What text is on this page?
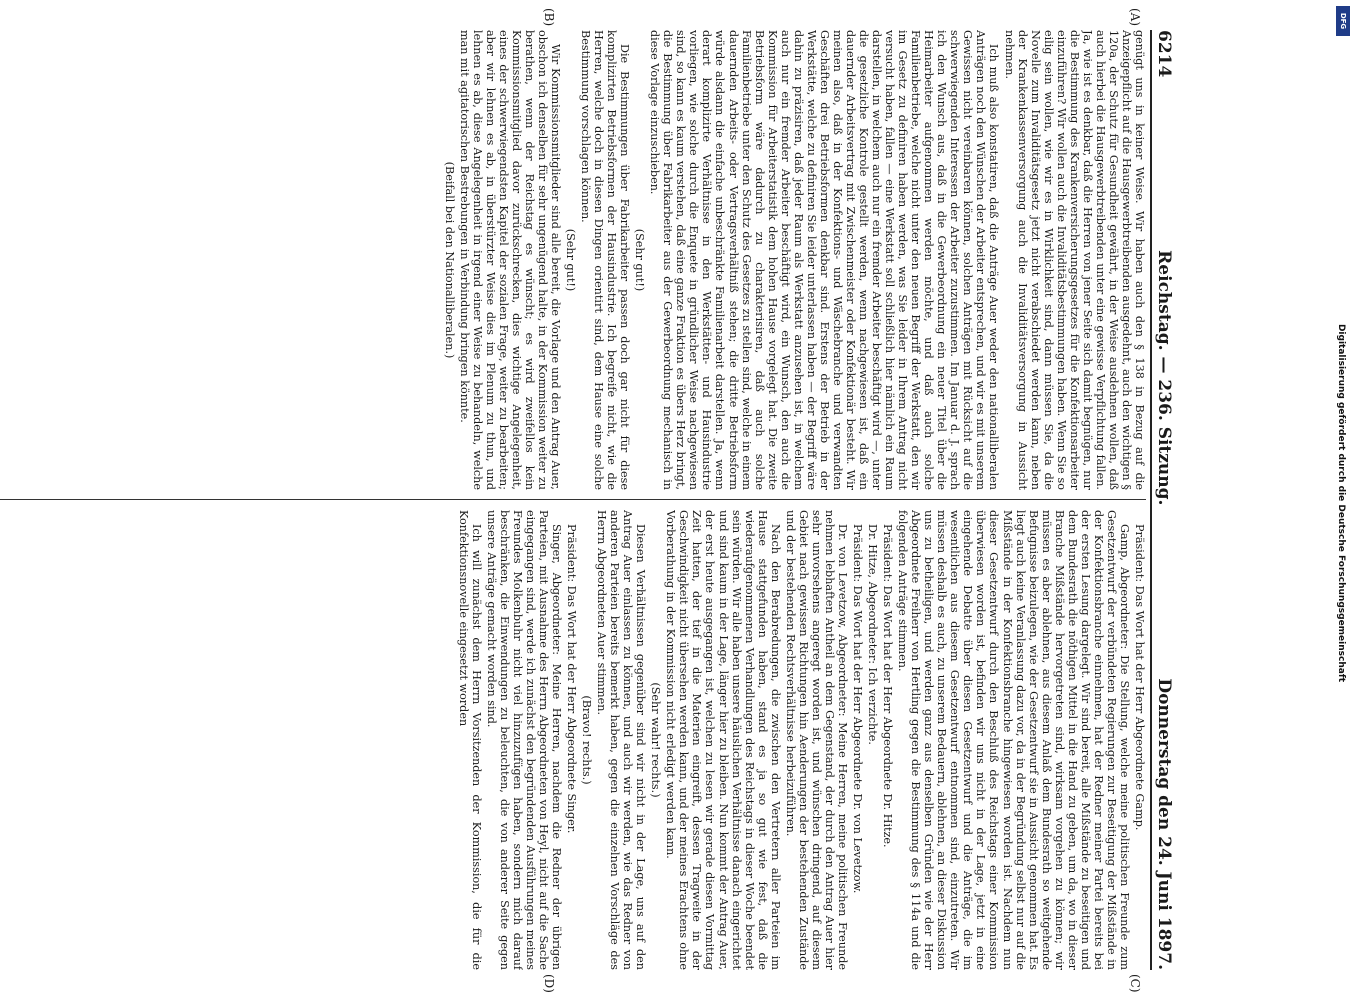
6214
Reichstag. — 236. Sitzung.
Donnerstag den 24. Juni 1897.

genügt uns in keiner Weise. Wir haben auch den § 138 in Bezug auf die Anzeigepflicht auf die Hausgewerbtreibenden ausgedehnt, auch den wichtigen § 120a, der Schutz für Gesundheit gewährt, in der Weise ausdehnen wollen, daß auch hierbei die Hausgewerbtreibenden unter eine gewisse Verpflichtung fallen. Ja, wie ist es denkbar, daß die Herren von jener Seite sich damit begnügen, nur die Bestimmung des Krankenversicherungsgesetzes für die Konfektionsarbeiter einzuführen? Wir wollen auch die Invaliditätsbestimmungen haben. Wenn Sie so eilig sein wollen, wie wir es in Wirklichkeit sind, dann müssen Sie, da die Novelle zum Invaliditätsgesetz jetzt nicht verabschiedet werden kann, neben der Krankenkassenversorgung auch die Invaliditätsversorgung in Aussicht nehmen.

Ich muß also konstatiren, daß die Anträge Auer weder den nationalliberalen Anträgen noch den Wünschen der Arbeiter entsprechen, und wir es mit unserem Gewissen nicht vereinbaren können, solchen Anträgen mit Rücksicht auf die schwerwiegenden Interessen der Arbeiter zuzustimmen. Im Januar d. J. sprach ich den Wunsch aus, daß in die Gewerbeordnung ein neuer Titel über die Heimarbeiter aufgenommen werden möchte, und daß auch solche Familienbetriebe, welche nicht unter den neuen Begriff der Werkstatt, den wir im Gesetz zu definiren haben werden, was Sie leider in Ihrem Antrag nicht versucht haben, fallen — eine Werkstatt soll schließlich hier nämlich ein Raum darstellen, in welchem auch nur ein fremder Arbeiter beschäftigt wird —, unter die gesetzliche Kontrole gestellt werden, wenn nachgewiesen ist, daß ein dauernder Arbeitsvertrag mit Zwischenmeister oder Konfektionär besteht. Wir meinen also, daß in der Konfektions- und Wäschebranche und verwandten Geschäften drei Betriebsformen denkbar sind. Erstens der Betrieb in der Werkstätte, welche zu definiren Sie leider unterlassen haben — der Begriff wäre dahin zu präzisiren, daß jeder Raum als Werkstatt anzusehen ist, in welchem auch nur ein fremder Arbeiter beschäftigt wird, ein Wunsch, den auch die Kommission für Arbeiterstatistik dem hohen Hause vorgelegt hat. Die zweite Betriebsform wäre dadurch zu charakterisiren, daß auch solche Familienbetriebe unter den Schutz des Gesetzes zu stellen sind, welche in einem dauernden Arbeits- oder Vertragsverhältniß stehen; die dritte Betriebsform würde alsdann die einfache unbeschränkte Familienarbeit darstellen. Ja, wenn derart komplizirte Verhältnisse in den Werkstätten- und Hausindustrie vorliegen, wie solche durch die Enquete in gründlicher Weise nachgewiesen sind, so kann es kaum verstehen, daß eine ganze Fraktion es übers Herz bringt, die Bestimmung über Fabrikarbeiter aus der Gewerbeordnung mechanisch in diese Vorlage einzuschieben.

(Sehr gut!)

Die Bestimmungen über Fabrikarbeiter passen doch gar nicht für diese komplizirten Betriebsformen der Hausindustrie. Ich begreife nicht, wie die Herren, welche doch in diesen Dingen orientirt sind, dem Hause eine solche Bestimmung vorschlagen können.

(Sehr gut!)

Wir Kommissionsmitglieder sind alle bereit, die Vorlage und den Antrag Auer, obschon ich denselben für sehr ungenügend halte, in der Kommission weiter zu berathen, wenn der Reichstag es wünscht; es wird zweifellos kein Kommissionsmitglied davor zurückschrecken, dies wichtige Angelegenheit, eines der schwerwiegendsten Kapitel der sozialen Frage, weiter zu bearbeiten; aber wir lehnen es ab, in überstürzter Weise dies im Plenum zu thun, und lehnen es ab, diese Angelegenheit in irgend einer Weise zu behandeln, welche man mit agitatorischen Bestrebungen in Verbindung bringen könnte.

(Beifall bei den Nationalliberalen.)

Präsident: Das Wort hat der Herr Abgeordnete Gamp.

Gamp, Abgeordneter: Die Stellung, welche meine politischen Freunde zum Gesetzentwurf der verbündeten Regierungen zur Beseitigung der Mißstände in der Konfektionsbranche einnehmen, hat der Redner meiner Partei bereits bei der ersten Lesung dargelegt. Wir sind bereit, alle Mißstände zu beseitigen und dem Bundesrath die nöthigen Mittel in die Hand zu geben, um da, wo in dieser Branche Mißstände hervorgetreten sind, wirksam vorgehen zu können; wir müssen es aber ablehnen, aus diesem Anlaß dem Bundesrath so weitgehende Befugnisse beizulegen, wie der Gesetzentwurf sie in Aussicht genommen hat. Es liegt auch keine Veranlassung dazu vor, da in der Begründung selbst nur auf die Mißstände in der Konfektionsbranche hingewiesen worden ist. Nachdem nun dieser Gesetzentwurf durch den Beschluß des Reichstags einer Kommission überwiesen worden ist, befinden wir uns nicht in der Lage, jetzt in eine eingehende Debatte über diesen Gesetzentwurf und die Anträge, die im wesentlichen aus diesem Gesetzentwurf entnommen sind, einzutreten. Wir müssen deshalb es auch, zu unserem Bedauern, ablehnen, an dieser Diskussion uns zu betheiligen, und werden ganz aus denselben Gründen wie der Herr Abgeordnete Freiherr von Hertling gegen die Bestimmung des § 114a und die folgenden Anträge stimmen.

Präsident: Das Wort hat der Herr Abgeordnete Dr. Hitze.

Dr. Hitze, Abgeordneter: Ich verzichte.

Präsident: Das Wort hat der Herr Abgeordnete Dr. von Levetzow.

Dr. von Levetzow, Abgeordneter: Meine Herren, meine politischen Freunde nehmen lebhaften Antheil an dem Gegenstand, der durch den Antrag Auer hier sehr unvorsehens angeregt worden ist, und wünschen dringend, auf diesem Gebiet nach gewissen Richtungen hin Aenderungen der bestehenden Zustände und der bestehenden Rechtsverhältnisse herbeizuführen.

Nach den Berabredungen, die zwischen den Vertretern aller Parteien im Hause stattgefunden haben, stand es ja so gut wie fest, daß die wiederaufgenommenen Verhandlungen des Reichstags in dieser Woche beendet sein würden. Wir alle haben unsere häuslichen Verhältnisse danach eingerichtet und sind kaum in der Lage, länger hier zu bleiben. Nun kommt der Antrag Auer, der erst heute ausgegangen ist, welchen zu lesen wir gerade diesen Vormittag Zeit hatten, der tief in die Materien eingreift, dessen Tragweite in der Geschwindigkeit nicht übersehen werden kann, und der meines Erachtens ohne Vorberathung in der Kommission nicht erledigt werden kann.

(Sehr wahr! rechts.)

Diesen Verhältnissen gegenüber sind wir nicht in der Lage, uns auf den Antrag Auer einlassen zu können, und auch wir werden, wie das Redner von anderen Parteien bereits bemerkt haben, gegen die einzelnen Vorschläge des Herrn Abgeordneten Auer stimmen.

(Bravo! rechts.)

Präsident: Das Wort hat der Herr Abgeordnete Singer.

Singer, Abgeordneter: Meine Herren, nachdem die Redner der übrigen Parteien, mit Ausnahme des Herrn Abgeordneten von Heyl, nicht auf die Sache eingegangen sind, werde ich zunächst den begründenden Ausführungen meines Freundes Molkenbuhr nicht viel hinzuzufügen haben, sondern mich darauf beschränken, die Einwendungen zu beleuchten, die von anderer Seite gegen unsere Anträge gemacht worden sind.

Ich will zunächst dem Herrn Vorsitzenden der Kommission, die für die Konfektionsnovelle eingesetzt worden

(A)
(B)
(C)
(D)
DFG
Digitalisierung gefördert durch die Deutsche Forschungsgemeinschaft
